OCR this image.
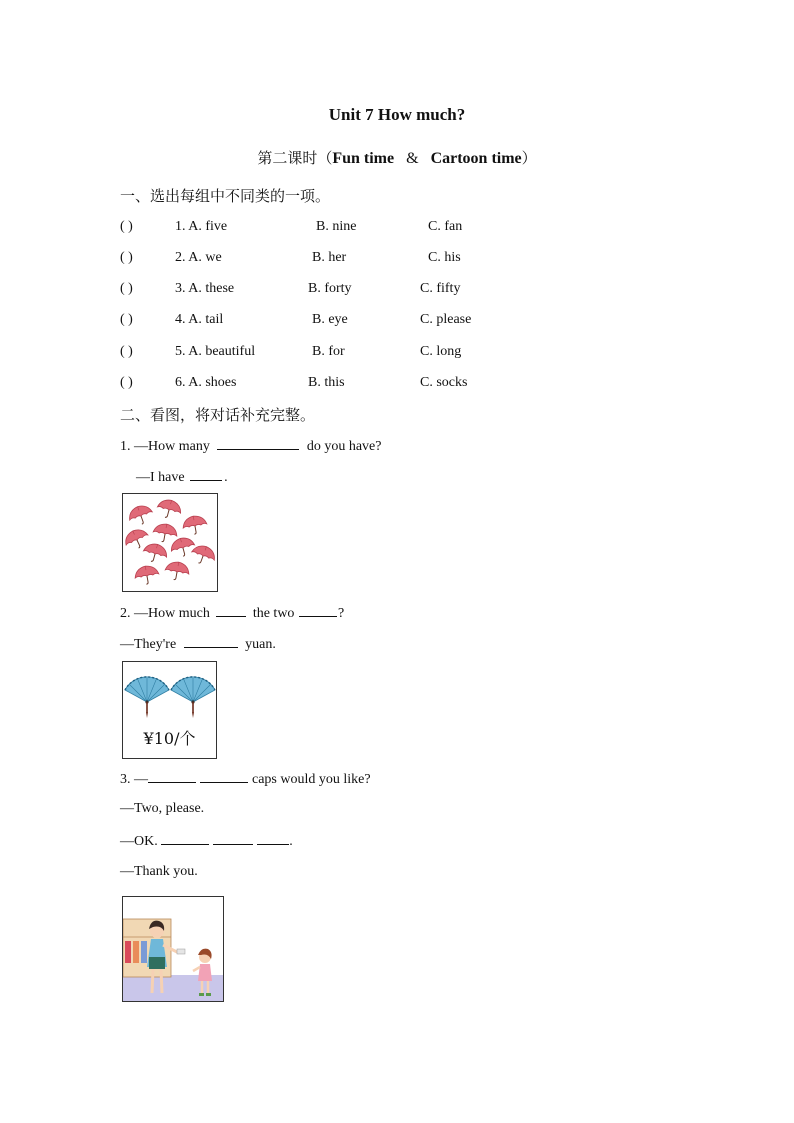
Unit 7 How much?
第二课时（Fun time & Cartoon time）
一、选出每组中不同类的一项。
( )	1. A. five	B. nine	C. fan
( )	2. A. we	B. her	C. his
( )	3. A. these	B. forty	C. fifty
( )	4. A. tail	B. eye	C. please
( )	5. A. beautiful	B. for	C. long
( )	6. A. shoes	B. this	C. socks
二、看图，将对话补充完整。
1. —How many	do you have?
—I have	.
2. —How much	the two	?
—They're	yuan.
¥10/个
3. —	caps would you like?
—Two, please.
—OK.	.
—Thank you.
